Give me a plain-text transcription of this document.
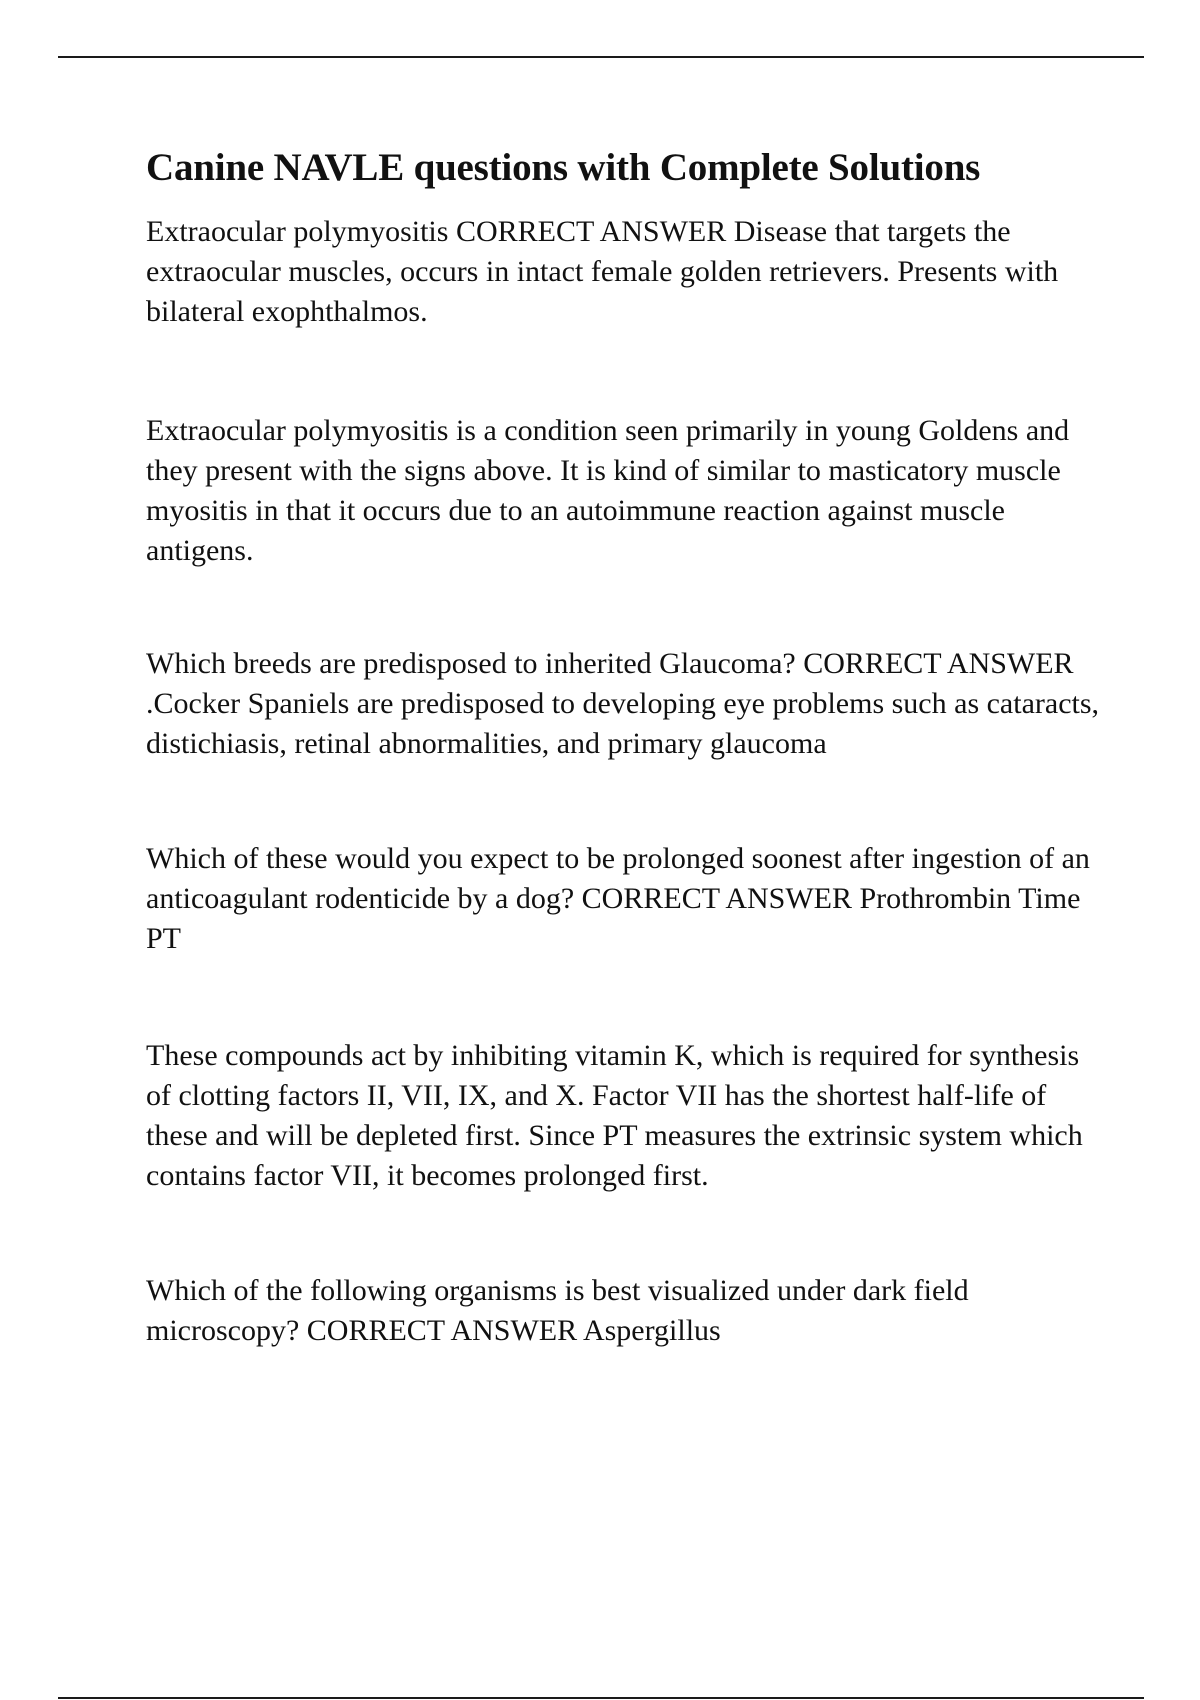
Canine NAVLE questions with Complete Solutions

Extraocular polymyositis CORRECT ANSWER Disease that targets the extraocular muscles, occurs in intact female golden retrievers. Presents with bilateral exophthalmos.

Extraocular polymyositis is a condition seen primarily in young Goldens and they present with the signs above. It is kind of similar to masticatory muscle myositis in that it occurs due to an autoimmune reaction against muscle antigens.

Which breeds are predisposed to inherited Glaucoma? CORRECT ANSWER .Cocker Spaniels are predisposed to developing eye problems such as cataracts, distichiasis, retinal abnormalities, and primary glaucoma

Which of these would you expect to be prolonged soonest after ingestion of an anticoagulant rodenticide by a dog? CORRECT ANSWER Prothrombin Time PT

These compounds act by inhibiting vitamin K, which is required for synthesis of clotting factors II, VII, IX, and X. Factor VII has the shortest half-life of these and will be depleted first. Since PT measures the extrinsic system which contains factor VII, it becomes prolonged first.

Which of the following organisms is best visualized under dark field microscopy? CORRECT ANSWER Aspergillus
